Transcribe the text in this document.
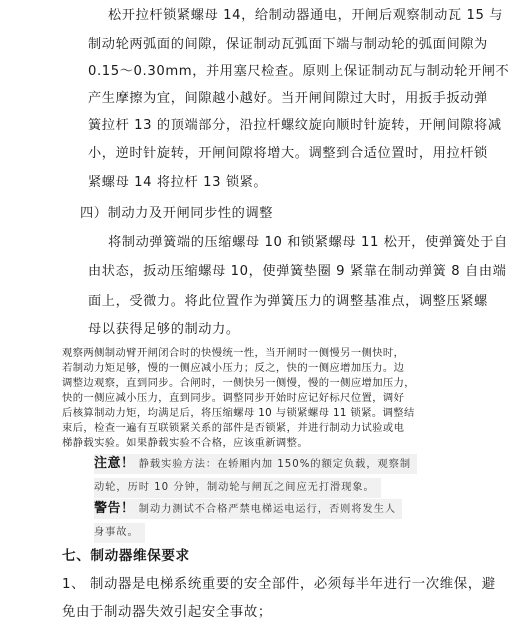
松开拉杆锁紧螺母 14，给制动器通电，开闸后观察制动瓦 15 与
制动轮两弧面的间隙，保证制动瓦弧面下端与制动轮的弧面间隙为
0.15～0.30mm，并用塞尺检查。原则上保证制动瓦与制动轮开闸不
产生摩擦为宜，间隙越小越好。当开闸间隙过大时，用扳手扳动弹
簧拉杆 13 的顶端部分，沿拉杆螺纹旋向顺时针旋转，开闸间隙将减
小，逆时针旋转，开闸间隙将增大。调整到合适位置时，用拉杆锁
紧螺母 14 将拉杆 13 锁紧。
四）制动力及开闸同步性的调整
将制动弹簧端的压缩螺母 10 和锁紧螺母 11 松开，使弹簧处于自
由状态，扳动压缩螺母 10，使弹簧垫圈 9 紧靠在制动弹簧 8 自由端
面上，受微力。将此位置作为弹簧压力的调整基准点，调整压紧螺
母以获得足够的制动力。
观察两侧制动臂开闸闭合时的快慢统一性，当开闸时一侧慢另一侧快时，
若制动力矩足够，慢的一侧应减小压力；反之，快的一侧应增加压力。边
调整边观察，直到同步。合闸时，一侧快另一侧慢，慢的一侧应增加压力，
快的一侧应减小压力，直到同步。调整同步开始时应记好标尺位置，调好
后核算制动力矩，均满足后，将压缩螺母 10 与锁紧螺母 11 锁紧。调整结
束后，检查一遍有互联锁紧关系的部件是否锁紧，并进行制动力试验或电
梯静载实验。如果静载实验不合格，应该重新调整。
注意！ 静载实验方法：在轿厢内加 150%的额定负载，观察制
动轮，历时 10 分钟，制动轮与闸瓦之间应无打滑现象。
警告！ 制动力测试不合格严禁电梯运电运行，否则将发生人
身事故。
七、制动器维保要求
1、 制动器是电梯系统重要的安全部件，必须每半年进行一次维保，避
免由于制动器失效引起安全事故；
